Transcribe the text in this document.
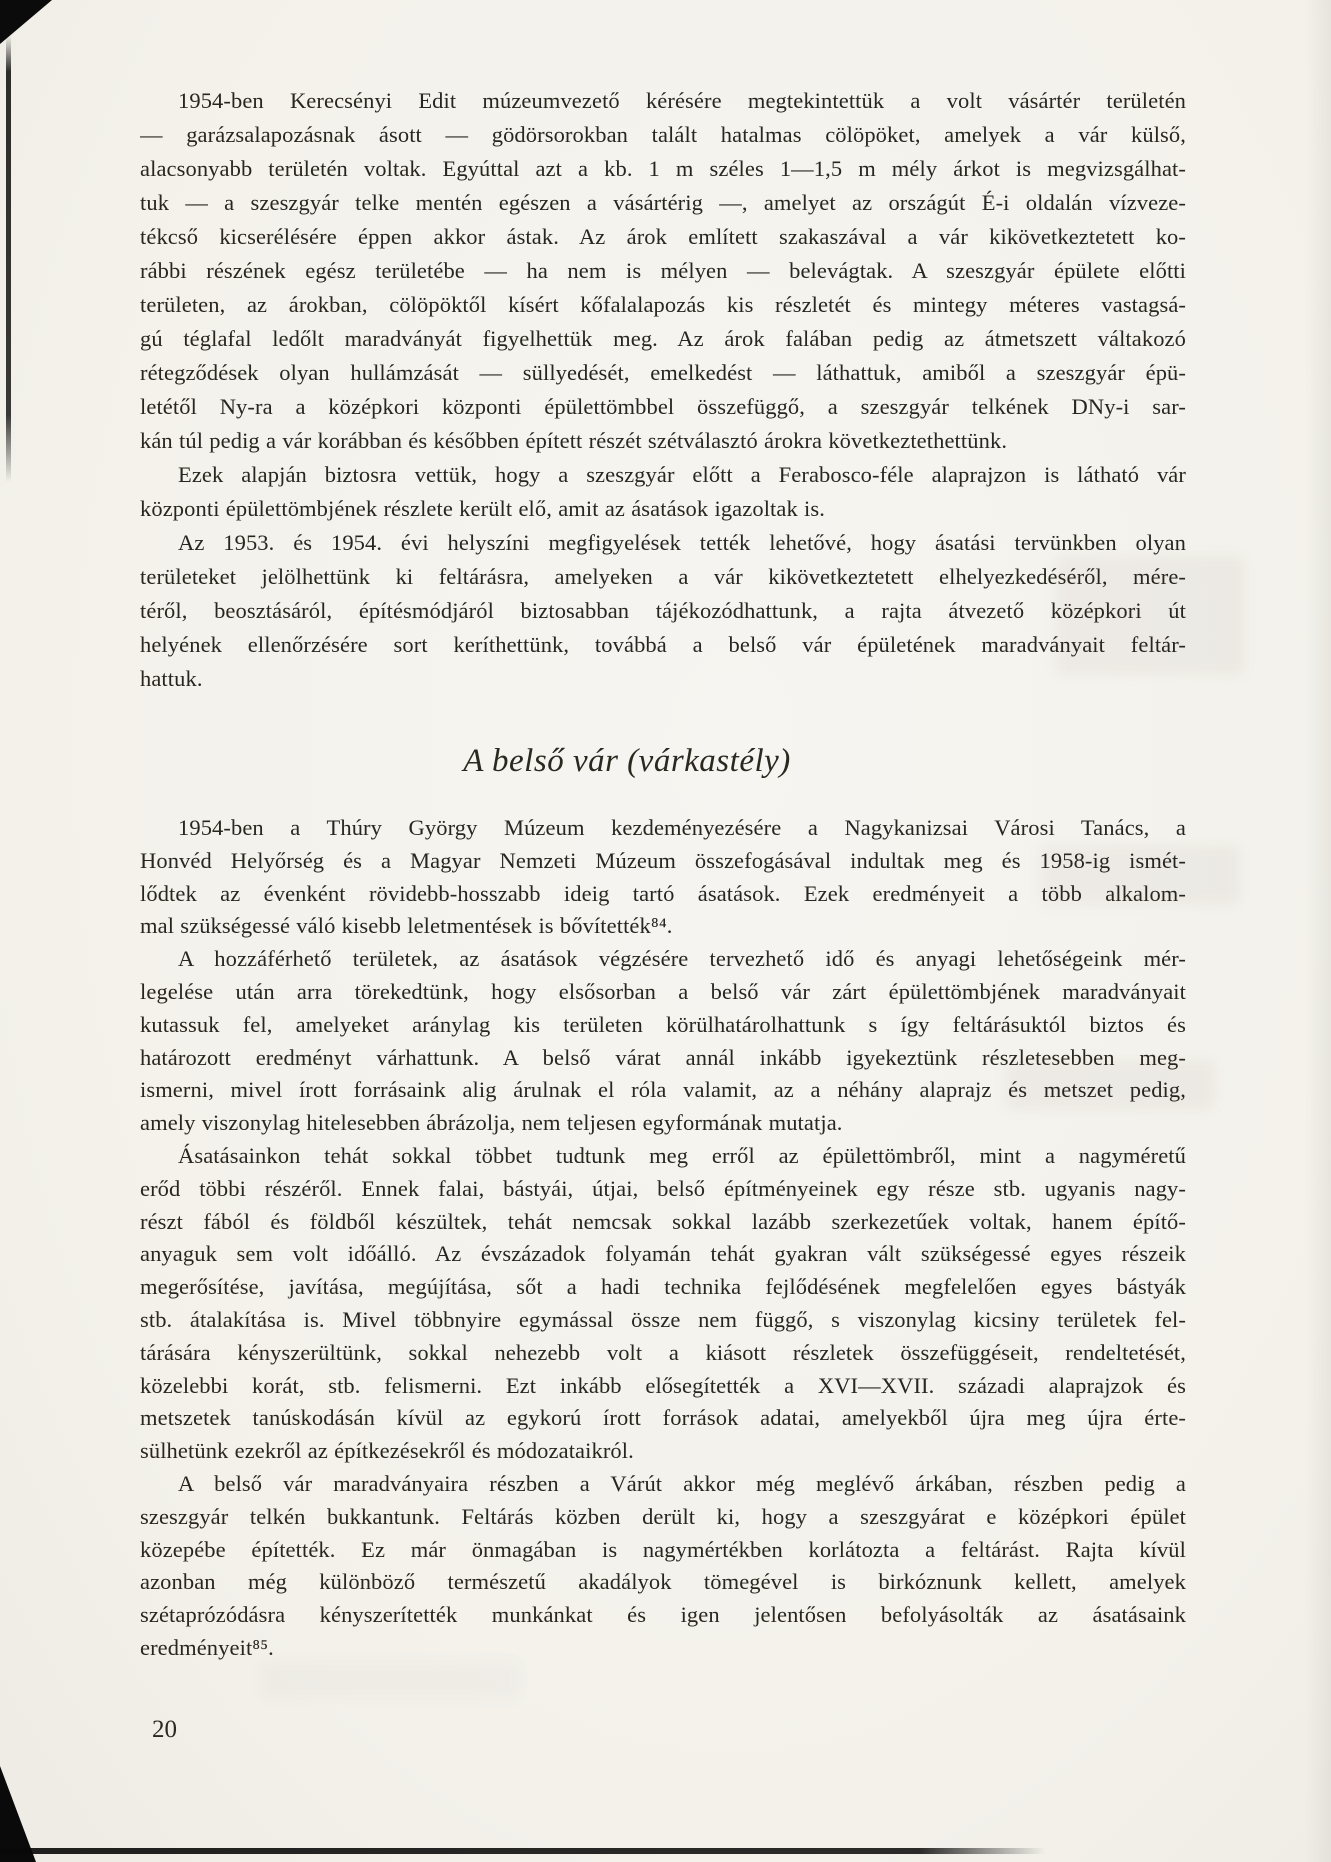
1954-ben Kerecsényi Edit múzeumvezető kérésére megtekintettük a volt vásártér területén
— garázsalapozásnak ásott — gödörsorokban talált hatalmas cölöpöket, amelyek a vár külső,
alacsonyabb területén voltak. Egyúttal azt a kb. 1 m széles 1—1,5 m mély árkot is megvizsgálhat-
tuk — a szeszgyár telke mentén egészen a vásártérig —, amelyet az országút É-i oldalán vízveze-
tékcső kicserélésére éppen akkor ástak. Az árok említett szakaszával a vár kikövetkeztetett ko-
rábbi részének egész területébe — ha nem is mélyen — belevágtak. A szeszgyár épülete előtti
területen, az árokban, cölöpöktől kísért kőfalalapozás kis részletét és mintegy méteres vastagsá-
gú téglafal ledőlt maradványát figyelhettük meg. Az árok falában pedig az átmetszett váltakozó
rétegződések olyan hullámzását — süllyedését, emelkedést — láthattuk, amiből a szeszgyár épü-
letétől Ny-ra a középkori központi épülettömbbel összefüggő, a szeszgyár telkének DNy-i sar-
kán túl pedig a vár korábban és későbben épített részét szétválasztó árokra következtethettünk.
Ezek alapján biztosra vettük, hogy a szeszgyár előtt a Ferabosco-féle alaprajzon is látható vár
központi épülettömbjének részlete került elő, amit az ásatások igazoltak is.
Az 1953. és 1954. évi helyszíni megfigyelések tették lehetővé, hogy ásatási tervünkben olyan
területeket jelölhettünk ki feltárásra, amelyeken a vár kikövetkeztetett elhelyezkedéséről, mére-
téről, beosztásáról, építésmódjáról biztosabban tájékozódhattunk, a rajta átvezető középkori út
helyének ellenőrzésére sort keríthettünk, továbbá a belső vár épületének maradványait feltár-
hattuk.
A belső vár (várkastély)
1954-ben a Thúry György Múzeum kezdeményezésére a Nagykanizsai Városi Tanács, a
Honvéd Helyőrség és a Magyar Nemzeti Múzeum összefogásával indultak meg és 1958-ig ismét-
lődtek az évenként rövidebb-hosszabb ideig tartó ásatások. Ezek eredményeit a több alkalom-
mal szükségessé váló kisebb leletmentések is bővítették⁸⁴.
A hozzáférhető területek, az ásatások végzésére tervezhető idő és anyagi lehetőségeink mér-
legelése után arra törekedtünk, hogy elsősorban a belső vár zárt épülettömbjének maradványait
kutassuk fel, amelyeket aránylag kis területen körülhatárolhattunk s így feltárásuktól biztos és
határozott eredményt várhattunk. A belső várat annál inkább igyekeztünk részletesebben meg-
ismerni, mivel írott forrásaink alig árulnak el róla valamit, az a néhány alaprajz és metszet pedig,
amely viszonylag hitelesebben ábrázolja, nem teljesen egyformának mutatja.
Ásatásainkon tehát sokkal többet tudtunk meg erről az épülettömbről, mint a nagyméretű
erőd többi részéről. Ennek falai, bástyái, útjai, belső építményeinek egy része stb. ugyanis nagy-
részt fából és földből készültek, tehát nemcsak sokkal lazább szerkezetűek voltak, hanem építő-
anyaguk sem volt időálló. Az évszázadok folyamán tehát gyakran vált szükségessé egyes részeik
megerősítése, javítása, megújítása, sőt a hadi technika fejlődésének megfelelően egyes bástyák
stb. átalakítása is. Mivel többnyire egymással össze nem függő, s viszonylag kicsiny területek fel-
tárására kényszerültünk, sokkal nehezebb volt a kiásott részletek összefüggéseit, rendeltetését,
közelebbi korát, stb. felismerni. Ezt inkább elősegítették a XVI—XVII. századi alaprajzok és
metszetek tanúskodásán kívül az egykorú írott források adatai, amelyekből újra meg újra érte-
sülhetünk ezekről az építkezésekről és módozataikról.
A belső vár maradványaira részben a Várút akkor még meglévő árkában, részben pedig a
szeszgyár telkén bukkantunk. Feltárás közben derült ki, hogy a szeszgyárat e középkori épület
közepébe építették. Ez már önmagában is nagymértékben korlátozta a feltárást. Rajta kívül
azonban még különböző természetű akadályok tömegével is birkóznunk kellett, amelyek
szétaprózódásra kényszerítették munkánkat és igen jelentősen befolyásolták az ásatásaink
eredményeit⁸⁵.
20
